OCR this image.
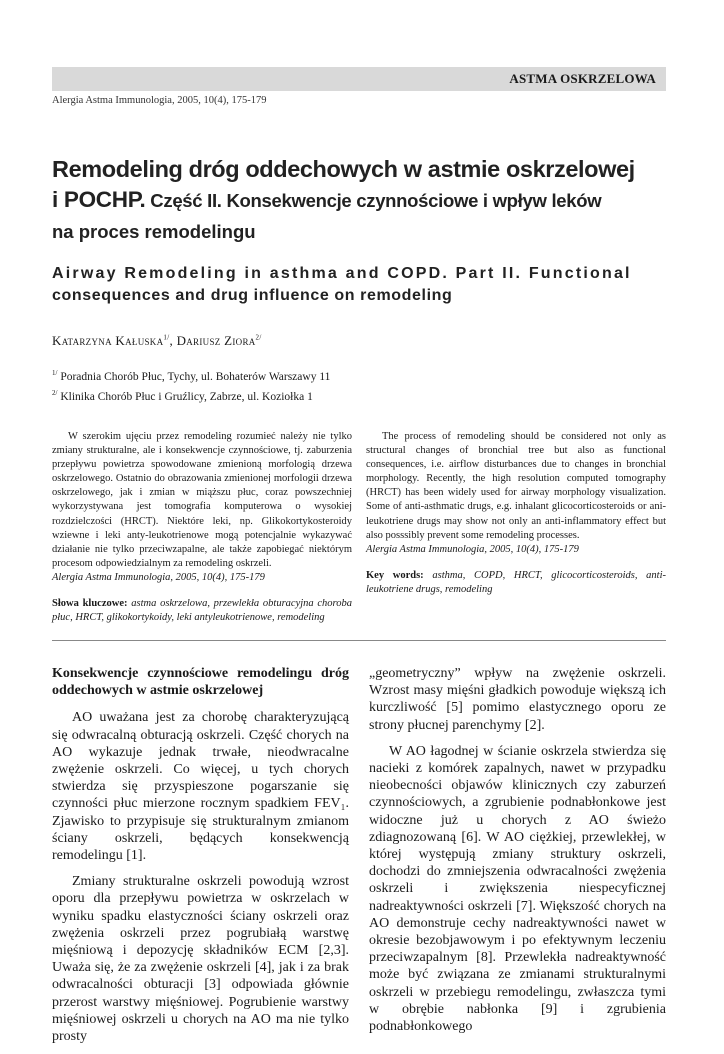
ASTMA OSKRZELOWA
Alergia Astma Immunologia, 2005, 10(4), 175-179
Remodeling dróg oddechowych w astmie oskrzelowej
i POCHP. Część II. Konsekwencje czynnościowe i wpływ leków
na proces remodelingu
Airway Remodeling in asthma and COPD. Part II. Functional
consequences and drug influence on remodeling
Katarzyna Kałuska$^{1/}$, Dariusz Ziora$^{2/}$
$^{1/}$ Poradnia Chorób Płuc, Tychy, ul. Bohaterów Warszawy 11
$^{2/}$ Klinika Chorób Płuc i Gruźlicy, Zabrze, ul. Koziołka 1

W szerokim ujęciu przez remodeling rozumieć należy nie tylko zmiany strukturalne, ale i konsekwencje czynnościowe, tj. zaburzenia przepływu powietrza spowodowane zmienioną morfologią drzewa oskrzelowego. Ostatnio do obrazowania zmienionej morfologii drzewa oskrzelowego, jak i zmian w miąższu płuc, coraz powszechniej wykorzystywana jest tomografia komputerowa o wysokiej rozdzielczości (HRCT). Niektóre leki, np. Glikokortykosteroidy wziewne i leki anty-leukotrienowe mogą potencjalnie wykazywać działanie nie tylko przeciwzapalne, ale także zapobiegać niektórym procesom odpowiedzialnym za remodeling oskrzeli.

Alergia Astma Immunologia, 2005, 10(4), 175-179

Słowa kluczowe: astma oskrzelowa, przewlekła obturacyjna choroba płuc, HRCT, glikokortykoidy, leki antyleukotrienowe, remodeling

The process of remodeling should be considered not only as structural changes of bronchial tree but also as functional consequences, i.e. airflow disturbances due to changes in bronchial morphology. Recently, the high resolution computed tomography (HRCT) has been widely used for airway morphology visualization. Some of anti-asthmatic drugs, e.g. inhalant glicocorticosteroids or ani-leukotriene drugs may show not only an anti-inflammatory effect but also posssibly prevent some remodeling processes.

Alergia Astma Immunologia, 2005, 10(4), 175-179

Key words: asthma, COPD, HRCT, glicocorticosteroids, anti-leukotriene drugs, remodeling

Konsekwencje czynnościowe remodelingu dróg oddechowych w astmie oskrzelowej

AO uważana jest za chorobę charakteryzującą się odwracalną obturacją oskrzeli. Część chorych na AO wykazuje jednak trwałe, nieodwracalne zwężenie oskrzeli. Co więcej, u tych chorych stwierdza się przyspieszone pogarszanie się czynności płuc mierzone rocznym spadkiem FEV₁. Zjawisko to przypisuje się strukturalnym zmianom ściany oskrzeli, będących konsekwencją remodelingu [1].

Zmiany strukturalne oskrzeli powodują wzrost oporu dla przepływu powietrza w oskrzelach w wyniku spadku elastyczności ściany oskrzeli oraz zwężenia oskrzeli przez pogrubiałą warstwę mięśniową i depozycję składników ECM [2,3]. Uważa się, że za zwężenie oskrzeli [4], jak i za brak odwracalności obturacji [3] odpowiada głównie przerost warstwy mięśniowej. Pogrubienie warstwy mięśniowej oskrzeli u chorych na AO ma nie tylko prosty

„geometryczny” wpływ na zwężenie oskrzeli. Wzrost masy mięśni gładkich powoduje większą ich kurczliwość [5] pomimo elastycznego oporu ze strony płucnej parenchymy [2].

W AO łagodnej w ścianie oskrzela stwierdza się nacieki z komórek zapalnych, nawet w przypadku nieobecności objawów klinicznych czy zaburzeń czynnościowych, a zgrubienie podnabłonkowe jest widoczne już u chorych z AO świeżo zdiagnozowaną [6]. W AO ciężkiej, przewlekłej, w której występują zmiany struktury oskrzeli, dochodzi do zmniejszenia odwracalności zwężenia oskrzeli i zwiększenia niespecyficznej nadreaktywności oskrzeli [7]. Większość chorych na AO demonstruje cechy nadreaktywności nawet w okresie bezobjawowym i po efektywnym leczeniu przeciwzapalnym [8]. Przewlekła nadreaktywność może być związana ze zmianami strukturalnymi oskrzeli w przebiegu remodelingu, zwłaszcza tymi w obrębie nabłonka [9] i zgrubienia podnabłonkowego
